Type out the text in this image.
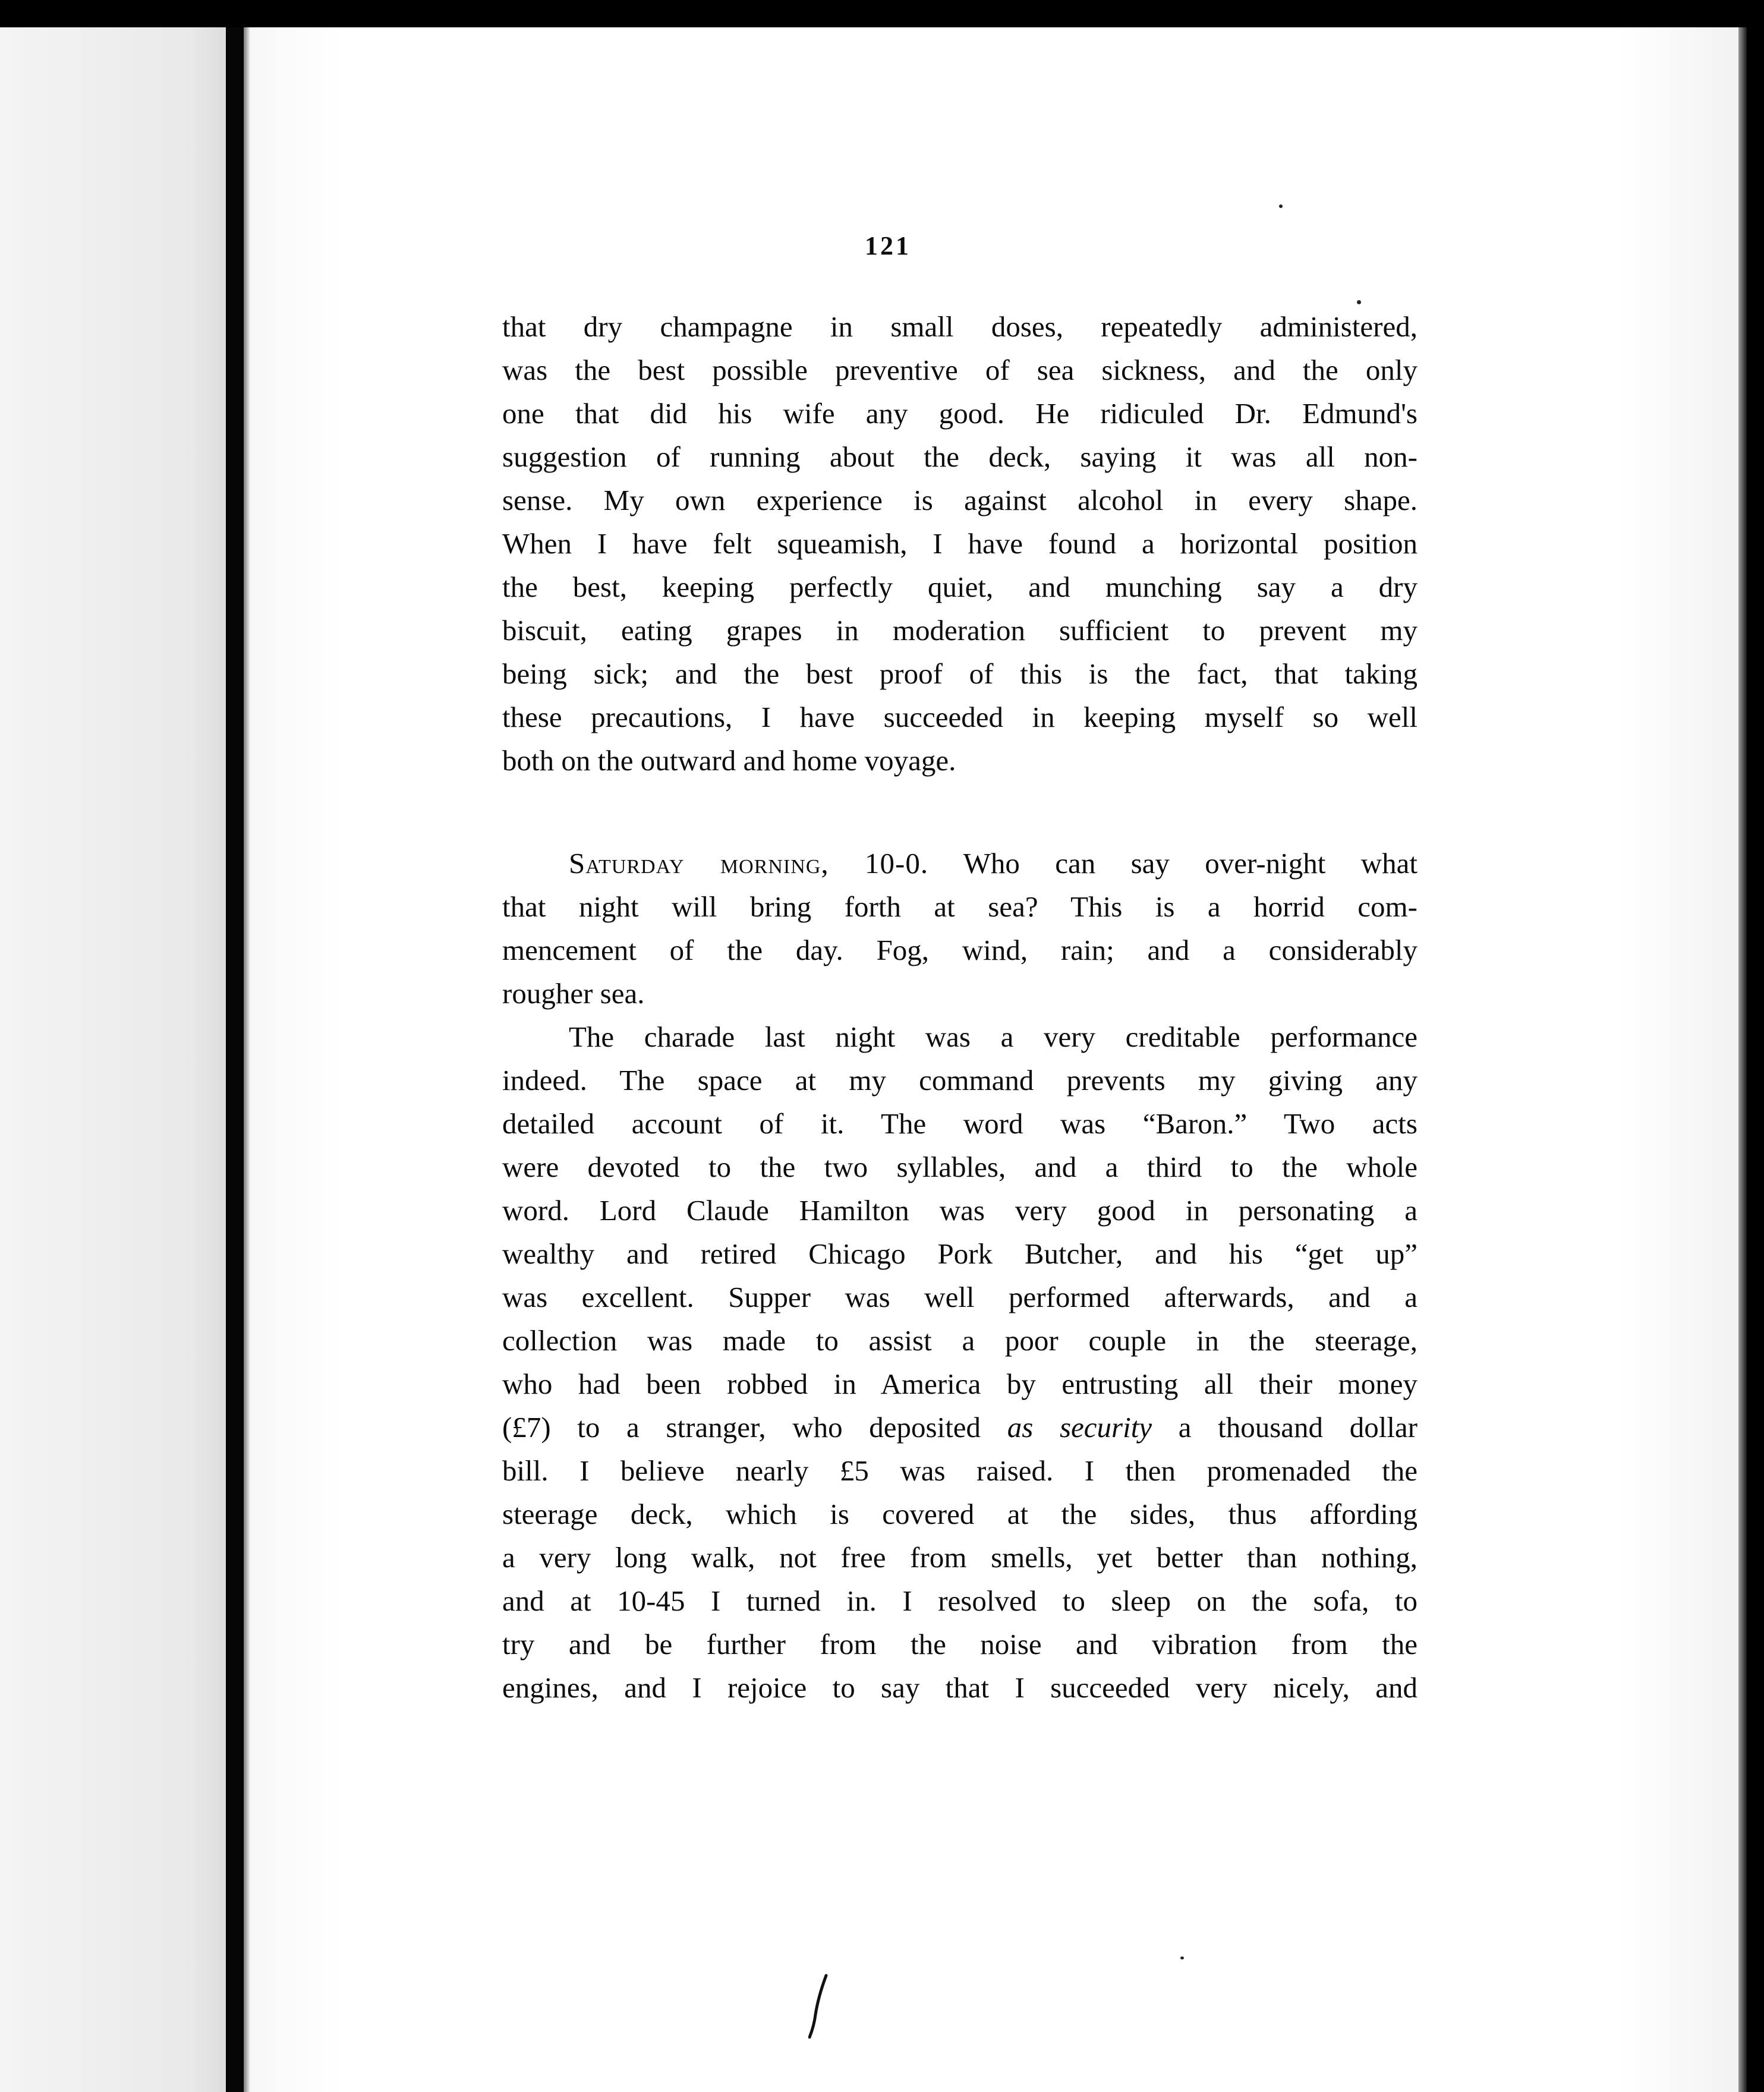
121
that dry champagne in small doses, repeatedly administered,
was the best possible preventive of sea sickness, and the only
one that did his wife any good. He ridiculed Dr. Edmund's
suggestion of running about the deck, saying it was all non-
sense. My own experience is against alcohol in every shape.
When I have felt squeamish, I have found a horizontal position
the best, keeping perfectly quiet, and munching say a dry
biscuit, eating grapes in moderation sufficient to prevent my
being sick; and the best proof of this is the fact, that taking
these precautions, I have succeeded in keeping myself so well
both on the outward and home voyage.
Saturday morning, 10-0. Who can say over-night what
that night will bring forth at sea? This is a horrid com-
mencement of the day. Fog, wind, rain; and a considerably
rougher sea.
The charade last night was a very creditable performance
indeed. The space at my command prevents my giving any
detailed account of it. The word was “Baron.” Two acts
were devoted to the two syllables, and a third to the whole
word. Lord Claude Hamilton was very good in personating a
wealthy and retired Chicago Pork Butcher, and his “get up”
was excellent. Supper was well performed afterwards, and a
collection was made to assist a poor couple in the steerage,
who had been robbed in America by entrusting all their money
(£7) to a stranger, who deposited as security a thousand dollar
bill. I believe nearly £5 was raised. I then promenaded the
steerage deck, which is covered at the sides, thus affording
a very long walk, not free from smells, yet better than nothing,
and at 10-45 I turned in. I resolved to sleep on the sofa, to
try and be further from the noise and vibration from the
engines, and I rejoice to say that I succeeded very nicely, and
